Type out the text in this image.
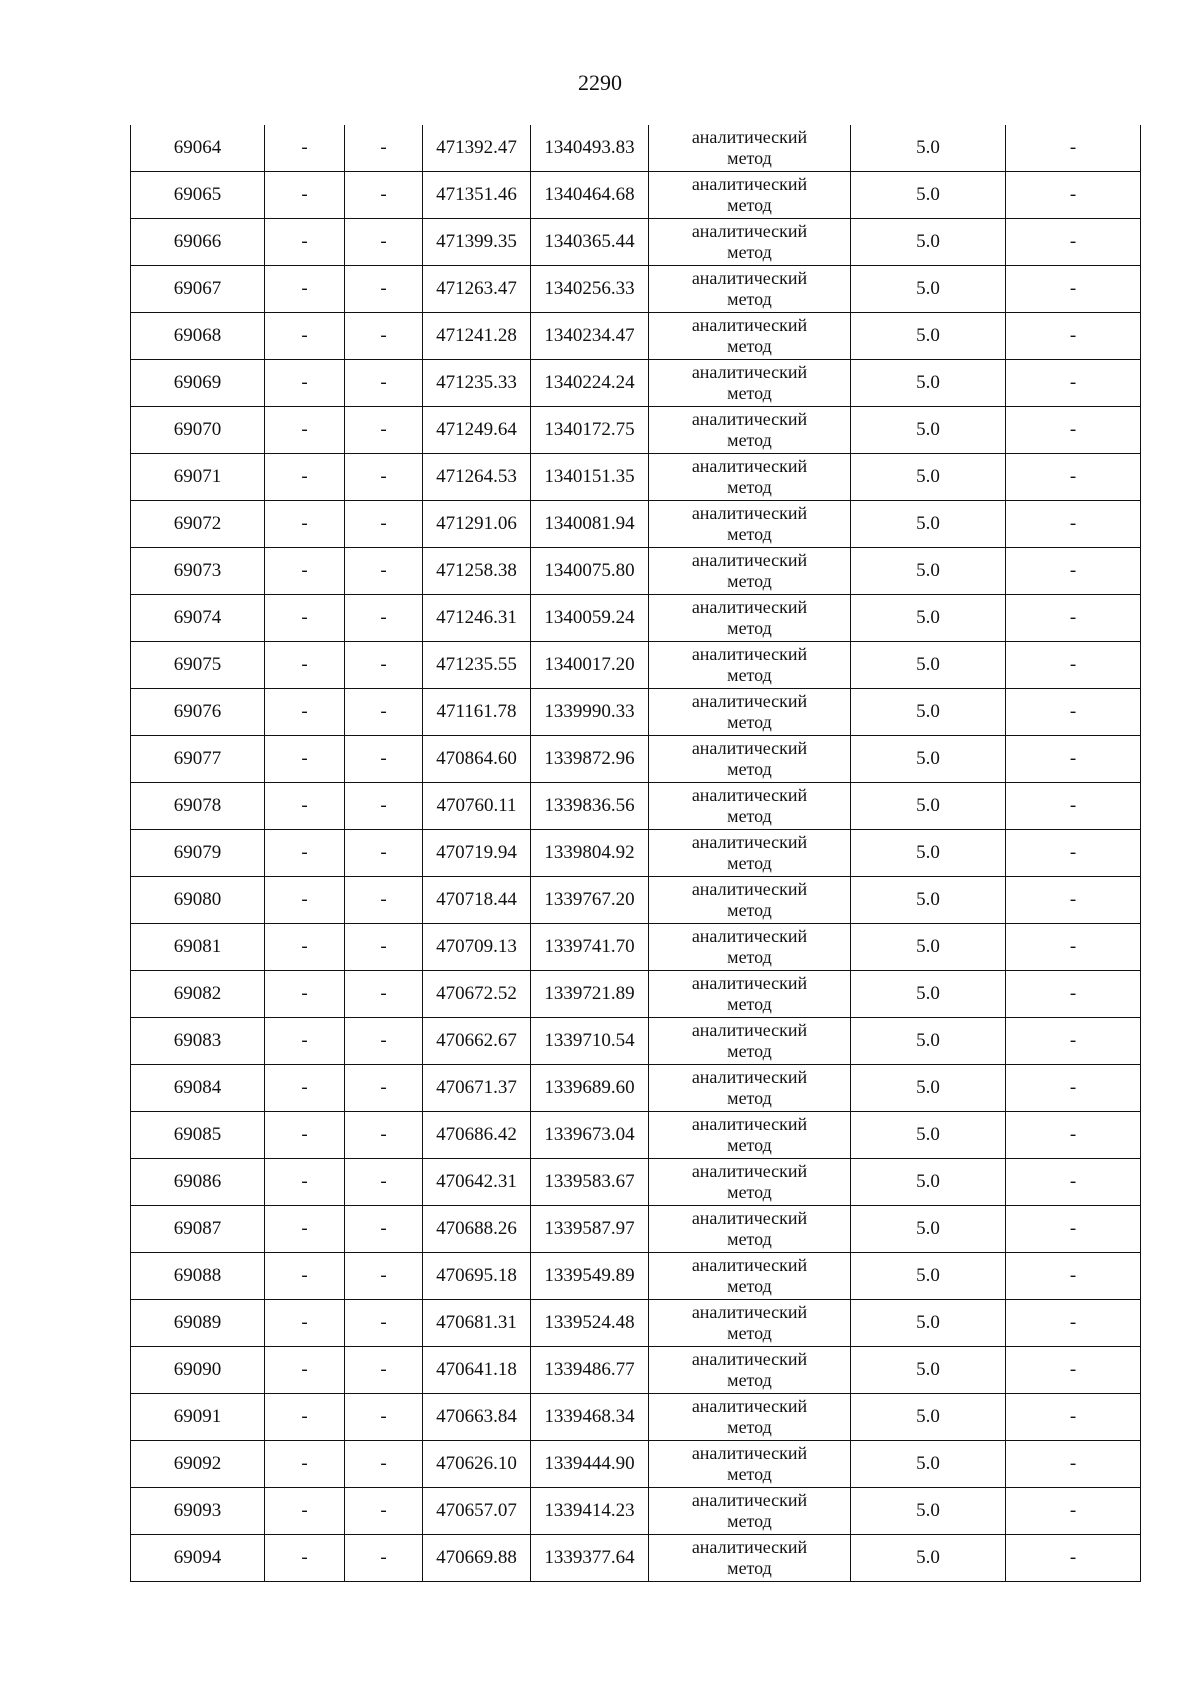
2290
69064	-	-	471392.47	1340493.83	аналитический
метод	5.0	-
69065	-	-	471351.46	1340464.68	аналитический
метод	5.0	-
69066	-	-	471399.35	1340365.44	аналитический
метод	5.0	-
69067	-	-	471263.47	1340256.33	аналитический
метод	5.0	-
69068	-	-	471241.28	1340234.47	аналитический
метод	5.0	-
69069	-	-	471235.33	1340224.24	аналитический
метод	5.0	-
69070	-	-	471249.64	1340172.75	аналитический
метод	5.0	-
69071	-	-	471264.53	1340151.35	аналитический
метод	5.0	-
69072	-	-	471291.06	1340081.94	аналитический
метод	5.0	-
69073	-	-	471258.38	1340075.80	аналитический
метод	5.0	-
69074	-	-	471246.31	1340059.24	аналитический
метод	5.0	-
69075	-	-	471235.55	1340017.20	аналитический
метод	5.0	-
69076	-	-	471161.78	1339990.33	аналитический
метод	5.0	-
69077	-	-	470864.60	1339872.96	аналитический
метод	5.0	-
69078	-	-	470760.11	1339836.56	аналитический
метод	5.0	-
69079	-	-	470719.94	1339804.92	аналитический
метод	5.0	-
69080	-	-	470718.44	1339767.20	аналитический
метод	5.0	-
69081	-	-	470709.13	1339741.70	аналитический
метод	5.0	-
69082	-	-	470672.52	1339721.89	аналитический
метод	5.0	-
69083	-	-	470662.67	1339710.54	аналитический
метод	5.0	-
69084	-	-	470671.37	1339689.60	аналитический
метод	5.0	-
69085	-	-	470686.42	1339673.04	аналитический
метод	5.0	-
69086	-	-	470642.31	1339583.67	аналитический
метод	5.0	-
69087	-	-	470688.26	1339587.97	аналитический
метод	5.0	-
69088	-	-	470695.18	1339549.89	аналитический
метод	5.0	-
69089	-	-	470681.31	1339524.48	аналитический
метод	5.0	-
69090	-	-	470641.18	1339486.77	аналитический
метод	5.0	-
69091	-	-	470663.84	1339468.34	аналитический
метод	5.0	-
69092	-	-	470626.10	1339444.90	аналитический
метод	5.0	-
69093	-	-	470657.07	1339414.23	аналитический
метод	5.0	-
69094	-	-	470669.88	1339377.64	аналитический
метод	5.0	-
